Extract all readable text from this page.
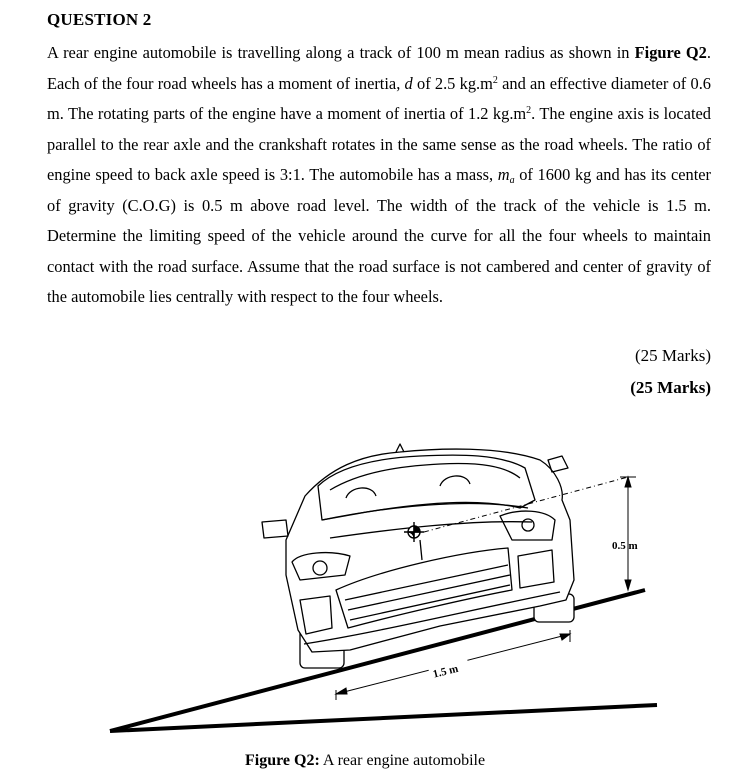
QUESTION 2

A rear engine automobile is travelling along a track of 100 m mean radius as shown in Figure Q2. Each of the four road wheels has a moment of inertia, d of 2.5 $kg.m^2$ and an effective diameter of 0.6 m. The rotating parts of the engine have a moment of inertia of 1.2 $kg.m^2$. The engine axis is located parallel to the rear axle and the crankshaft rotates in the same sense as the road wheels. The ratio of engine speed to back axle speed is 3:1. The automobile has a mass, $m_a$ of 1600 kg and has its center of gravity (C.O.G) is 0.5 m above road level. The width of the track of the vehicle is 1.5 m. Determine the limiting speed of the vehicle around the curve for all the four wheels to maintain contact with the road surface. Assume that the road surface is not cambered and center of gravity of the automobile lies centrally with respect to the four wheels.

(25 Marks)
(25 Marks)
0.5 m
1.5 m
Figure Q2: A rear engine automobile
